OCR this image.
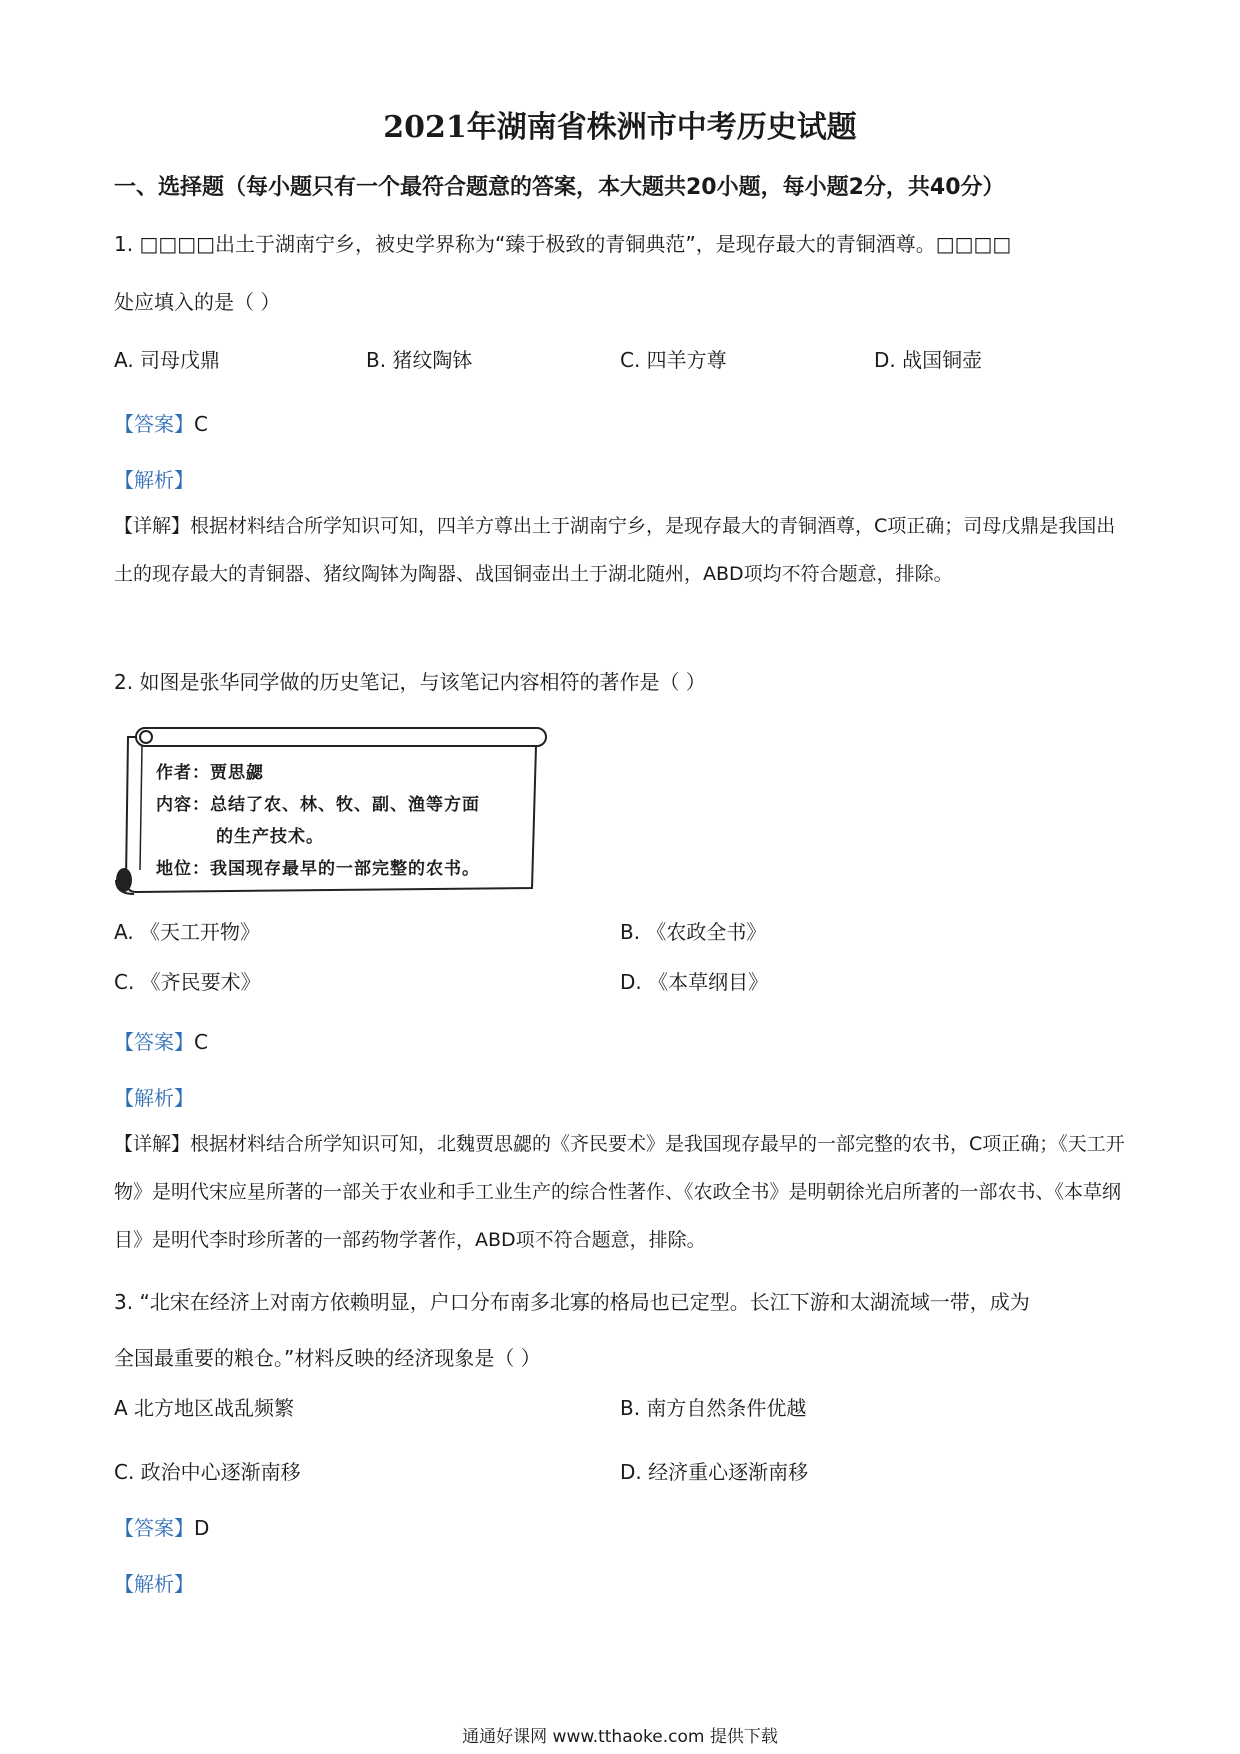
2021年湖南省株洲市中考历史试题
一、选择题（每小题只有一个最符合题意的答案，本大题共20小题，每小题2分，共40分）
1. □□□□出土于湖南宁乡，被史学界称为“臻于极致的青铜典范”，是现存最大的青铜酒尊。□□□□
处应填入的是（ ）
A. 司母戊鼎	B. 猪纹陶钵	C. 四羊方尊	D. 战国铜壶
【答案】C
【解析】
【详解】根据材料结合所学知识可知，四羊方尊出土于湖南宁乡，是现存最大的青铜酒尊，C项正确；司母戊鼎是我国出土的现存最大的青铜器、猪纹陶钵为陶器、战国铜壶出土于湖北随州，ABD项均不符合题意，排除。
2. 如图是张华同学做的历史笔记，与该笔记内容相符的著作是（ ）
作者：贾思勰
内容：总结了农、林、牧、副、渔等方面
的生产技术。
地位：我国现存最早的一部完整的农书。
A. 《天工开物》	B. 《农政全书》
C. 《齐民要术》	D. 《本草纲目》
【答案】C
【解析】
【详解】根据材料结合所学知识可知，北魏贾思勰的《齐民要术》是我国现存最早的一部完整的农书，C项正确；《天工开物》是明代宋应星所著的一部关于农业和手工业生产的综合性著作、《农政全书》是明朝徐光启所著的一部农书、《本草纲目》是明代李时珍所著的一部药物学著作，ABD项不符合题意，排除。
3. “北宋在经济上对南方依赖明显，户口分布南多北寡的格局也已定型。长江下游和太湖流域一带，成为
全国最重要的粮仓。”材料反映的经济现象是（ ）
A 北方地区战乱频繁	B. 南方自然条件优越
C. 政治中心逐渐南移	D. 经济重心逐渐南移
【答案】D
【解析】
通通好课网 www.tthaoke.com 提供下载
